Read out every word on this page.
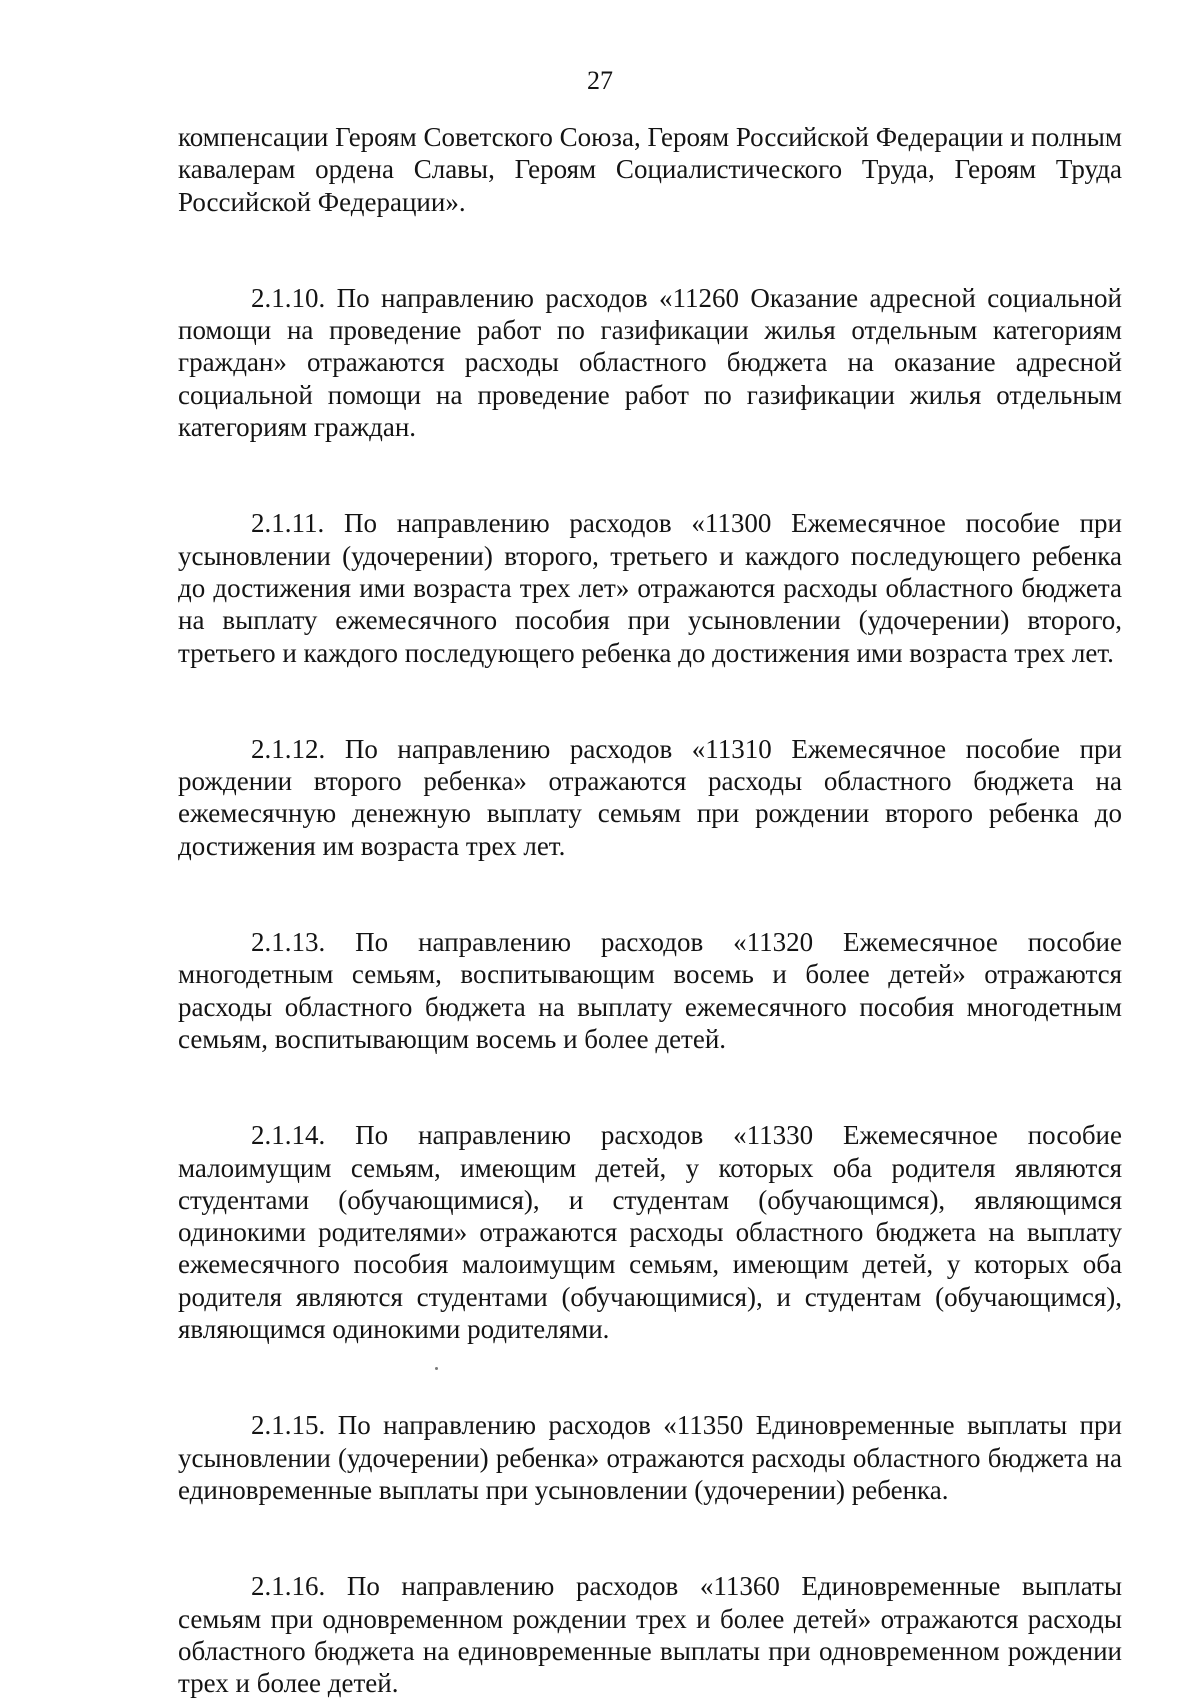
27

компенсации Героям Советского Союза, Героям Российской Федерации и полным кавалерам ордена Славы, Героям Социалистического Труда, Героям Труда Российской Федерации».

2.1.10. По направлению расходов «11260 Оказание адресной социальной помощи на проведение работ по газификации жилья отдельным категориям граждан» отражаются расходы областного бюджета на оказание адресной социальной помощи на проведение работ по газификации жилья отдельным категориям граждан.

2.1.11. По направлению расходов «11300 Ежемесячное пособие при усыновлении (удочерении) второго, третьего и каждого последующего ребенка до достижения ими возраста трех лет» отражаются расходы областного бюджета на выплату ежемесячного пособия при усыновлении (удочерении) второго, третьего и каждого последующего ребенка до достижения ими возраста трех лет.

2.1.12. По направлению расходов «11310 Ежемесячное пособие при рождении второго ребенка» отражаются расходы областного бюджета на ежемесячную денежную выплату семьям при рождении второго ребенка до достижения им возраста трех лет.

2.1.13. По направлению расходов «11320 Ежемесячное пособие многодетным семьям, воспитывающим восемь и более детей» отражаются расходы областного бюджета на выплату ежемесячного пособия многодетным семьям, воспитывающим восемь и более детей.

2.1.14. По направлению расходов «11330 Ежемесячное пособие малоимущим семьям, имеющим детей, у которых оба родителя являются студентами (обучающимися), и студентам (обучающимся), являющимся одинокими родителями» отражаются расходы областного бюджета на выплату ежемесячного пособия малоимущим семьям, имеющим детей, у которых оба родителя являются студентами (обучающимися), и студентам (обучающимся), являющимся одинокими родителями.

2.1.15. По направлению расходов «11350 Единовременные выплаты при усыновлении (удочерении) ребенка» отражаются расходы областного бюджета на единовременные выплаты при усыновлении (удочерении) ребенка.

2.1.16. По направлению расходов «11360 Единовременные выплаты семьям при одновременном рождении трех и более детей» отражаются расходы областного бюджета на единовременные выплаты при одновременном рождении трех и более детей.
